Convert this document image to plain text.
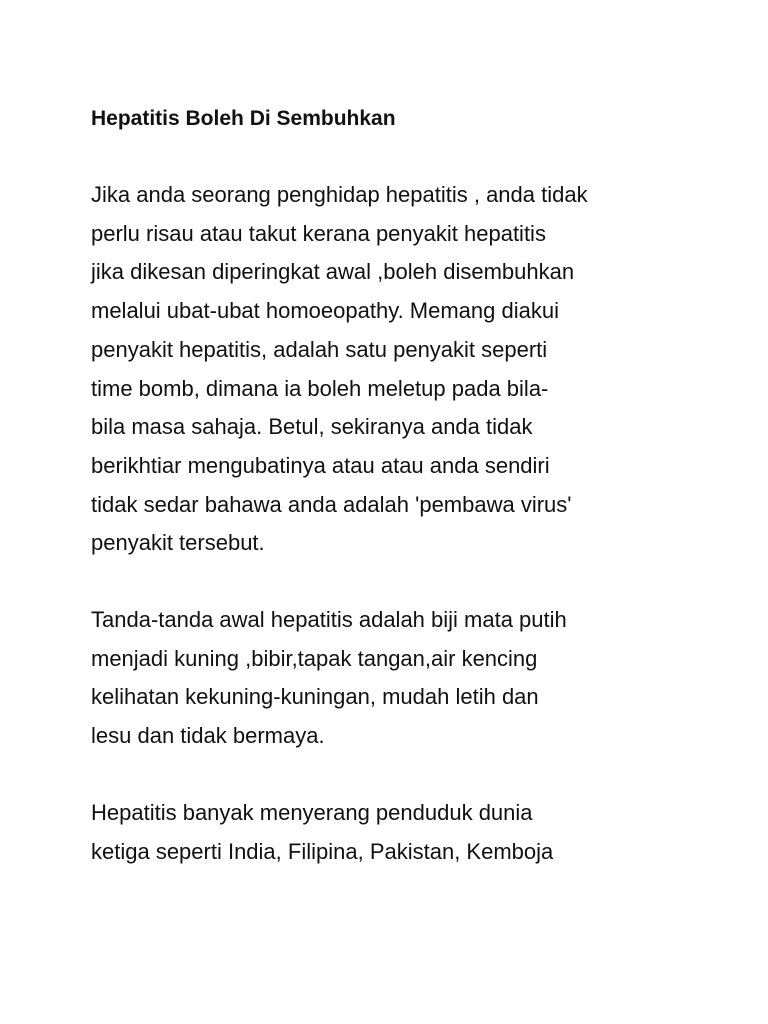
Hepatitis Boleh Di Sembuhkan
Jika anda seorang penghidap hepatitis , anda tidak
perlu risau atau takut kerana penyakit hepatitis
jika dikesan diperingkat awal ,boleh disembuhkan
melalui ubat-ubat homoeopathy. Memang diakui
penyakit hepatitis, adalah satu penyakit seperti
time bomb, dimana ia boleh meletup pada bila-
bila masa sahaja. Betul, sekiranya anda tidak
berikhtiar mengubatinya atau atau anda sendiri
tidak sedar bahawa anda adalah 'pembawa virus'
penyakit tersebut.
Tanda-tanda awal hepatitis adalah biji mata putih
menjadi kuning ,bibir,tapak tangan,air kencing
kelihatan kekuning-kuningan, mudah letih dan
lesu dan tidak bermaya.
Hepatitis banyak menyerang penduduk dunia
ketiga seperti India, Filipina, Pakistan, Kemboja
